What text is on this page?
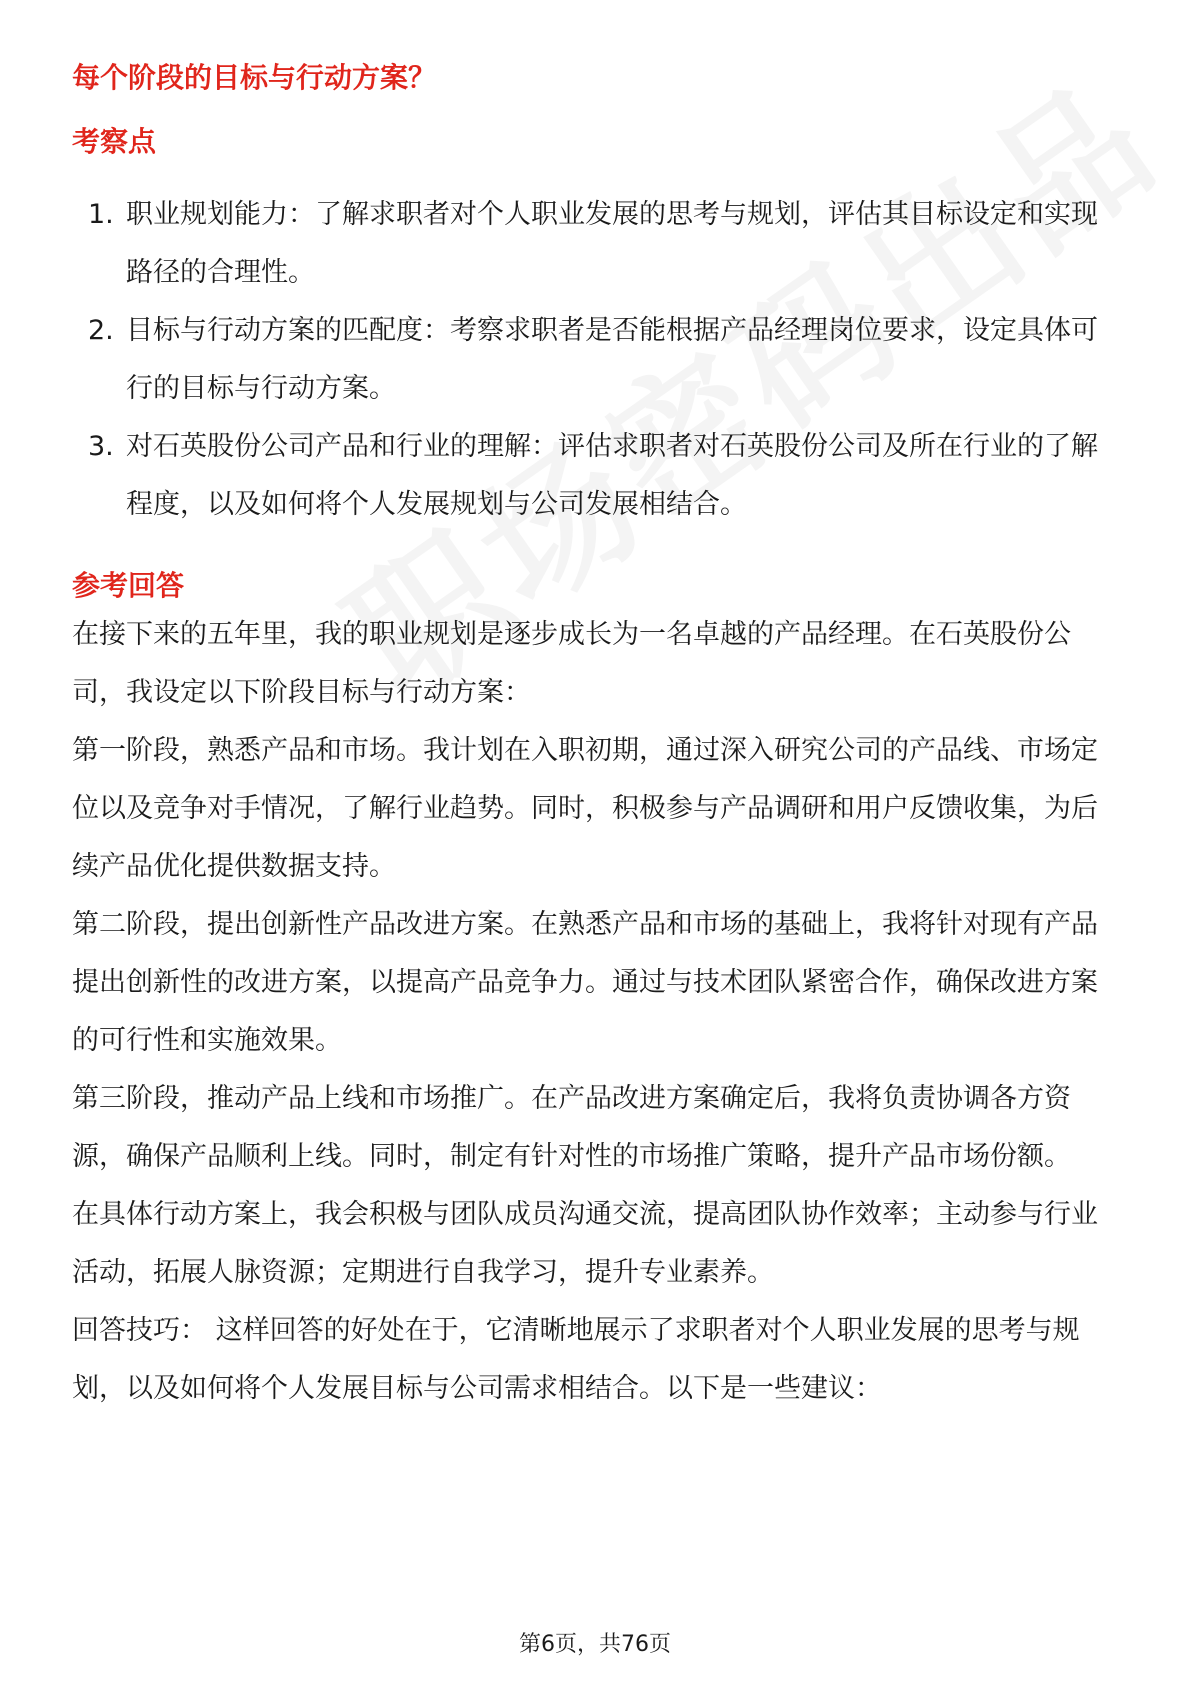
每个阶段的目标与行动方案？
考察点
1. 职业规划能力：了解求职者对个人职业发展的思考与规划，评估其目标设定和实现路径的合理性。
2. 目标与行动方案的匹配度：考察求职者是否能根据产品经理岗位要求，设定具体可行的目标与行动方案。
3. 对石英股份公司产品和行业的理解：评估求职者对石英股份公司及所在行业的了解程度，以及如何将个人发展规划与公司发展相结合。
参考回答

在接下来的五年里，我的职业规划是逐步成长为一名卓越的产品经理。在石英股份公司，我设定以下阶段目标与行动方案：

第一阶段，熟悉产品和市场。我计划在入职初期，通过深入研究公司的产品线、市场定位以及竞争对手情况，了解行业趋势。同时，积极参与产品调研和用户反馈收集，为后续产品优化提供数据支持。

第二阶段，提出创新性产品改进方案。在熟悉产品和市场的基础上，我将针对现有产品提出创新性的改进方案，以提高产品竞争力。通过与技术团队紧密合作，确保改进方案的可行性和实施效果。

第三阶段，推动产品上线和市场推广。在产品改进方案确定后，我将负责协调各方资源，确保产品顺利上线。同时，制定有针对性的市场推广策略，提升产品市场份额。

在具体行动方案上，我会积极与团队成员沟通交流，提高团队协作效率；主动参与行业活动，拓展人脉资源；定期进行自我学习，提升专业素养。

回答技巧： 这样回答的好处在于，它清晰地展示了求职者对个人职业发展的思考与规划，以及如何将个人发展目标与公司需求相结合。以下是一些建议：

第6页，共76页
